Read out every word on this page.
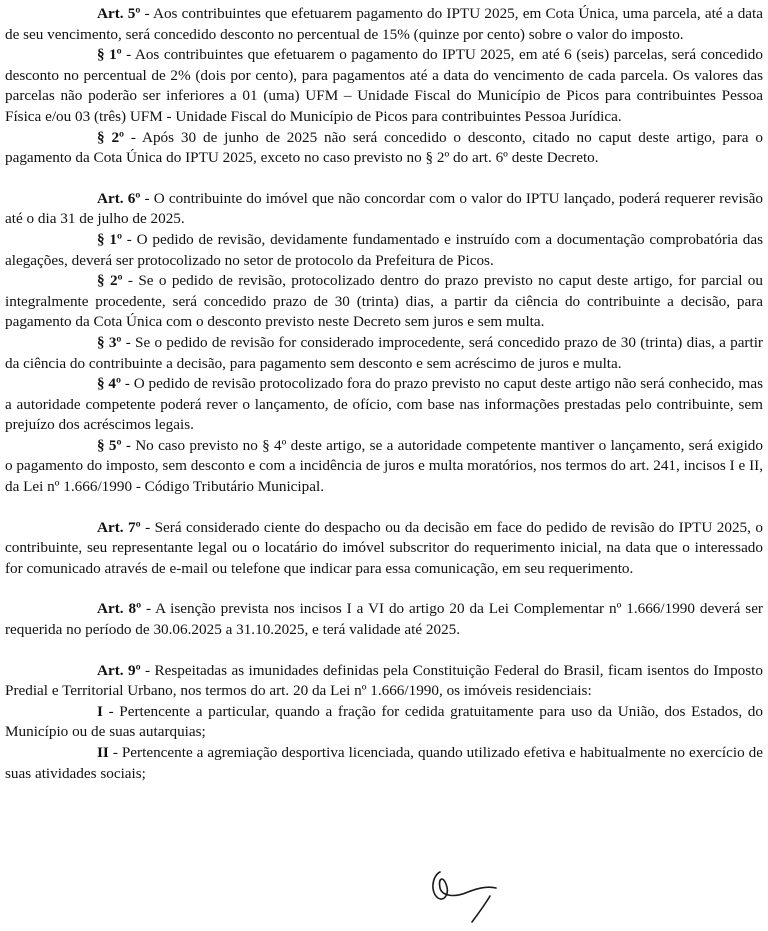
Art. 5º - Aos contribuintes que efetuarem pagamento do IPTU 2025, em Cota Única, uma parcela, até a data de seu vencimento, será concedido desconto no percentual de 15% (quinze por cento) sobre o valor do imposto.

§ 1º - Aos contribuintes que efetuarem o pagamento do IPTU 2025, em até 6 (seis) parcelas, será concedido desconto no percentual de 2% (dois por cento), para pagamentos até a data do vencimento de cada parcela. Os valores das parcelas não poderão ser inferiores a 01 (uma) UFM – Unidade Fiscal do Município de Picos para contribuintes Pessoa Física e/ou 03 (três) UFM - Unidade Fiscal do Município de Picos para contribuintes Pessoa Jurídica.

§ 2º - Após 30 de junho de 2025 não será concedido o desconto, citado no caput deste artigo, para o pagamento da Cota Única do IPTU 2025, exceto no caso previsto no § 2º do art. 6º deste Decreto.

Art. 6º - O contribuinte do imóvel que não concordar com o valor do IPTU lançado, poderá requerer revisão até o dia 31 de julho de 2025.

§ 1º - O pedido de revisão, devidamente fundamentado e instruído com a documentação comprobatória das alegações, deverá ser protocolizado no setor de protocolo da Prefeitura de Picos.

§ 2º - Se o pedido de revisão, protocolizado dentro do prazo previsto no caput deste artigo, for parcial ou integralmente procedente, será concedido prazo de 30 (trinta) dias, a partir da ciência do contribuinte a decisão, para pagamento da Cota Única com o desconto previsto neste Decreto sem juros e sem multa.

§ 3º - Se o pedido de revisão for considerado improcedente, será concedido prazo de 30 (trinta) dias, a partir da ciência do contribuinte a decisão, para pagamento sem desconto e sem acréscimo de juros e multa.

§ 4º - O pedido de revisão protocolizado fora do prazo previsto no caput deste artigo não será conhecido, mas a autoridade competente poderá rever o lançamento, de ofício, com base nas informações prestadas pelo contribuinte, sem prejuízo dos acréscimos legais.

§ 5º - No caso previsto no § 4º deste artigo, se a autoridade competente mantiver o lançamento, será exigido o pagamento do imposto, sem desconto e com a incidência de juros e multa moratórios, nos termos do art. 241, incisos I e II, da Lei nº 1.666/1990 - Código Tributário Municipal.

Art. 7º - Será considerado ciente do despacho ou da decisão em face do pedido de revisão do IPTU 2025, o contribuinte, seu representante legal ou o locatário do imóvel subscritor do requerimento inicial, na data que o interessado for comunicado através de e-mail ou telefone que indicar para essa comunicação, em seu requerimento.

Art. 8º - A isenção prevista nos incisos I a VI do artigo 20 da Lei Complementar nº 1.666/1990 deverá ser requerida no período de 30.06.2025 a 31.10.2025, e terá validade até 2025.

Art. 9º - Respeitadas as imunidades definidas pela Constituição Federal do Brasil, ficam isentos do Imposto Predial e Territorial Urbano, nos termos do art. 20 da Lei nº 1.666/1990, os imóveis residenciais:

I - Pertencente a particular, quando a fração for cedida gratuitamente para uso da União, dos Estados, do Município ou de suas autarquias;

II - Pertencente a agremiação desportiva licenciada, quando utilizado efetiva e habitualmente no exercício de suas atividades sociais;
